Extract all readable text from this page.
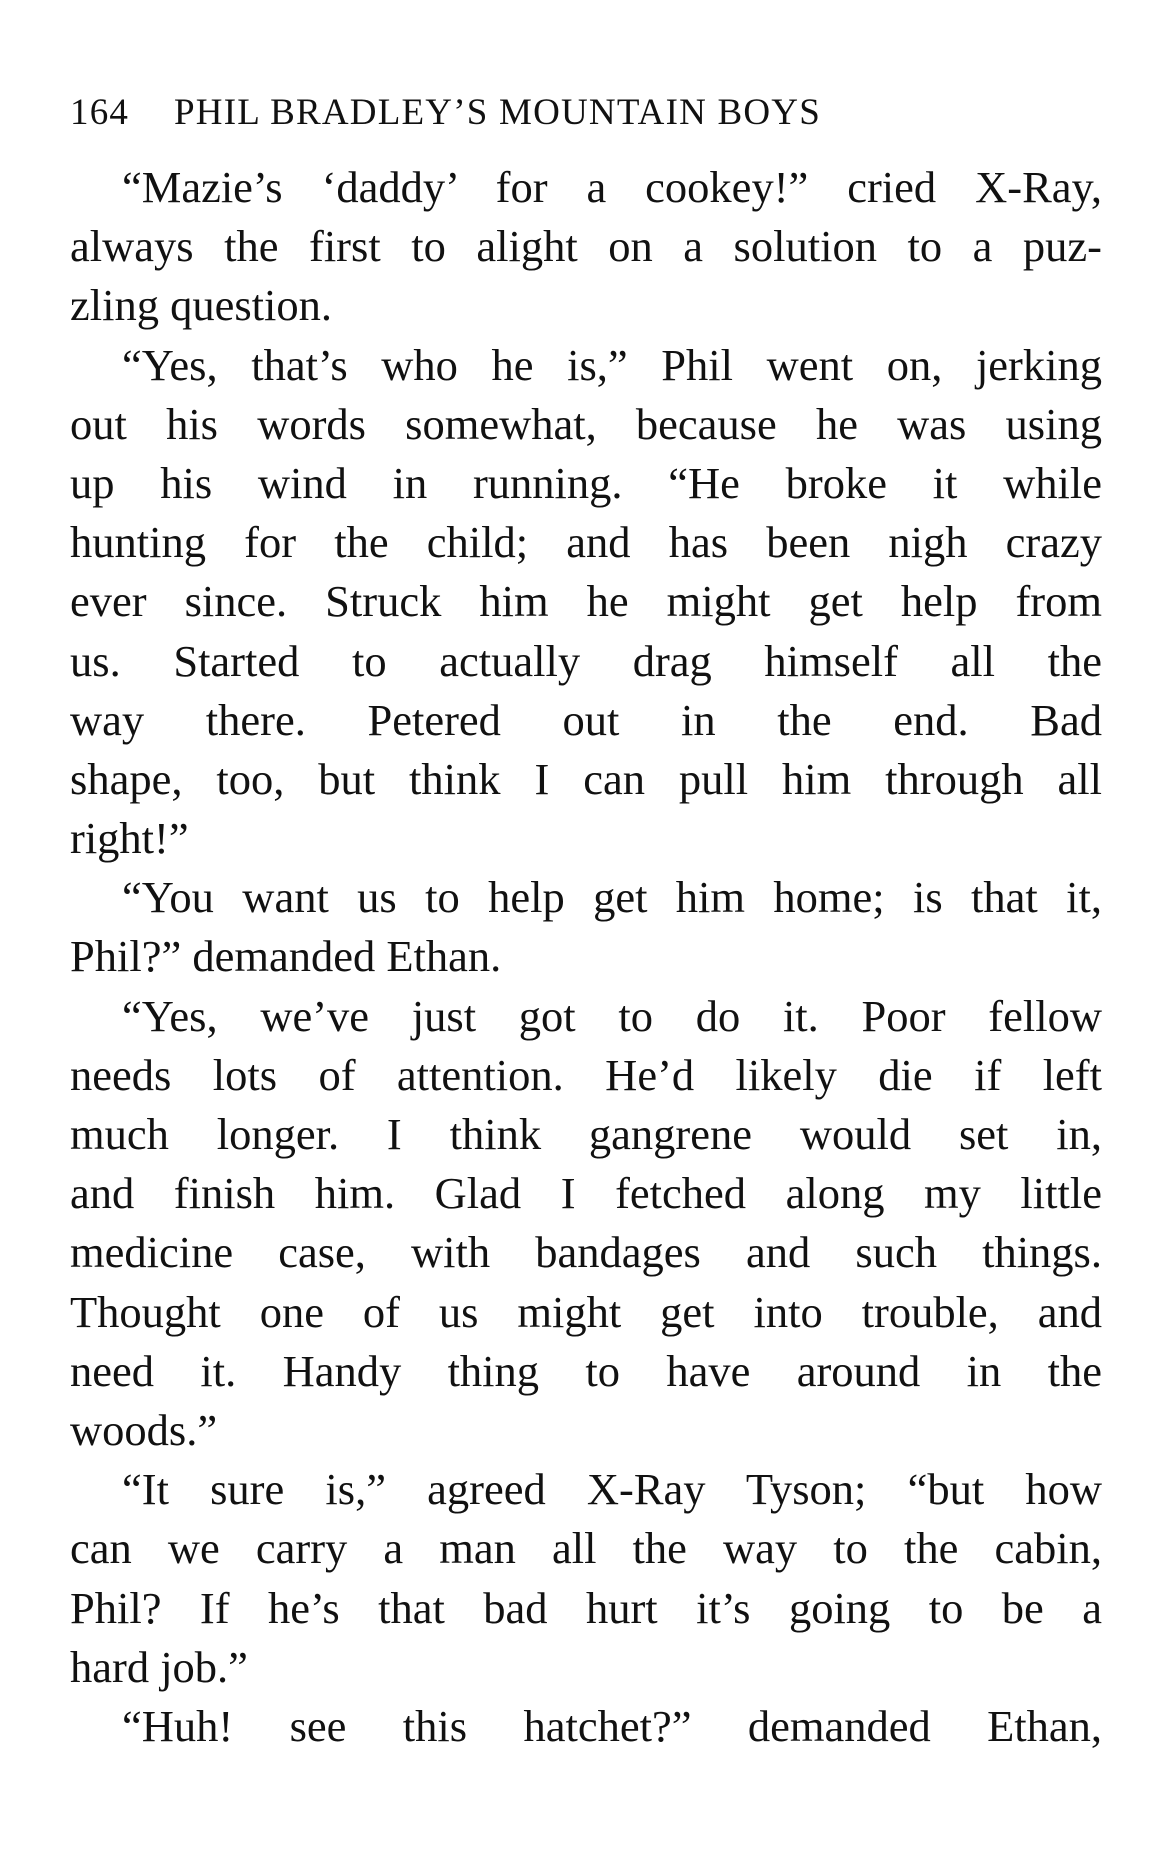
164 PHIL BRADLEY’S MOUNTAIN BOYS
“Mazie’s ‘daddy’ for a cookey!” cried X-Ray,
always the first to alight on a solution to a puz-
zling question.
“Yes, that’s who he is,” Phil went on, jerking
out his words somewhat, because he was using
up his wind in running. “He broke it while
hunting for the child; and has been nigh crazy
ever since. Struck him he might get help from
us. Started to actually drag himself all the
way there. Petered out in the end. Bad
shape, too, but think I can pull him through all
right!”
“You want us to help get him home; is that it,
Phil?” demanded Ethan.
“Yes, we’ve just got to do it. Poor fellow
needs lots of attention. He’d likely die if left
much longer. I think gangrene would set in,
and finish him. Glad I fetched along my little
medicine case, with bandages and such things.
Thought one of us might get into trouble, and
need it. Handy thing to have around in the
woods.”
“It sure is,” agreed X-Ray Tyson; “but how
can we carry a man all the way to the cabin,
Phil? If he’s that bad hurt it’s going to be a
hard job.”
“Huh! see this hatchet?” demanded Ethan,
